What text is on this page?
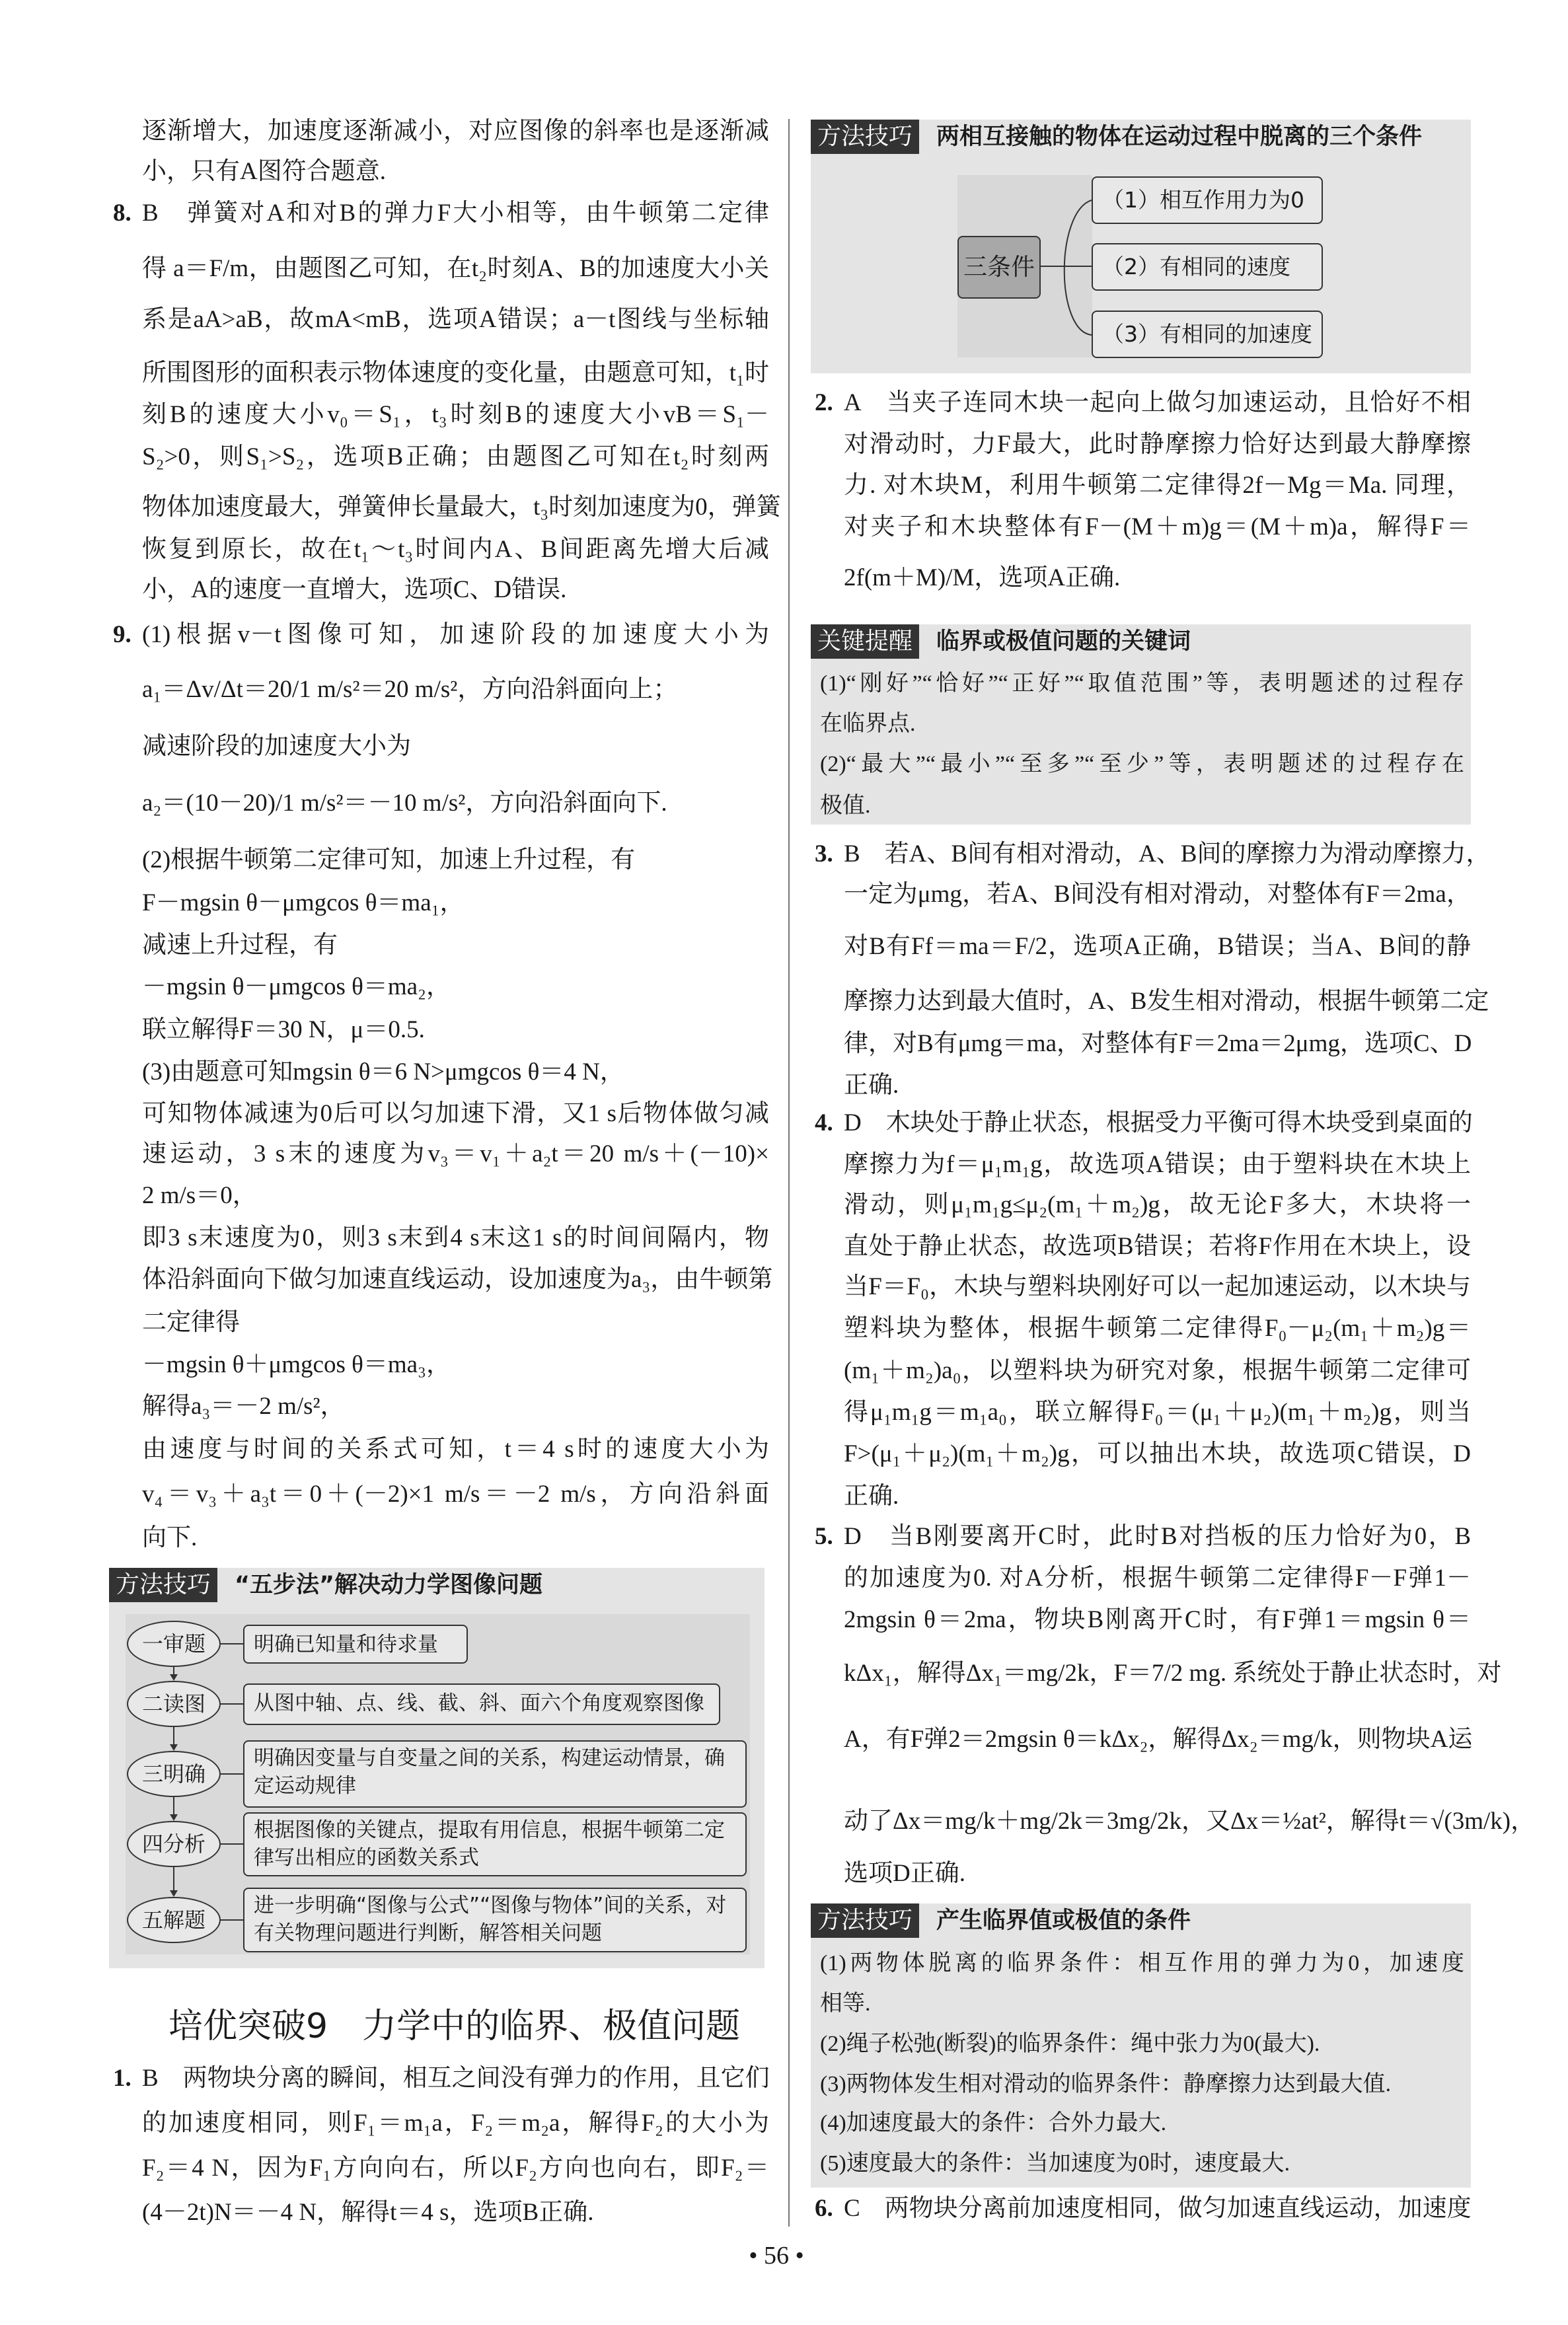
逐渐增大，加速度逐渐减小，对应图像的斜率也是逐渐减
小，只有A图符合题意.
8. B　弹簧对A和对B的弹力F大小相等，由牛顿第二定律
得 a＝F/m，由题图乙可知，在t₂时刻A、B的加速度大小关
系是aA>aB，故mA<mB，选项A错误；a－t图线与坐标轴
所围图形的面积表示物体速度的变化量，由题意可知，t₁时
刻B的速度大小v₀＝S₁，t₃时刻B的速度大小vB＝S₁－
S₂>0，则S₁>S₂，选项B正确；由题图乙可知在t₂时刻两
物体加速度最大，弹簧伸长量最大，t₃时刻加速度为0，弹簧
恢复到原长，故在t₁～t₃时间内A、B间距离先增大后减
小，A的速度一直增大，选项C、D错误.
9. (1)根据v－t图像可知，加速阶段的加速度大小为
a₁＝Δv/Δt＝20/1 m/s²＝20 m/s²，方向沿斜面向上；
减速阶段的加速度大小为
a₂＝(10－20)/1 m/s²＝－10 m/s²，方向沿斜面向下.
(2)根据牛顿第二定律可知，加速上升过程，有
F－mgsin θ－μmgcos θ＝ma₁，
减速上升过程，有
－mgsin θ－μmgcos θ＝ma₂，
联立解得F＝30 N，μ＝0.5.
(3)由题意可知mgsin θ＝6 N>μmgcos θ＝4 N，
可知物体减速为0后可以匀加速下滑，又1 s后物体做匀减
速运动，3 s末的速度为v₃＝v₁＋a₂t＝20 m/s＋(－10)×
2 m/s＝0，
即3 s末速度为0，则3 s末到4 s末这1 s的时间间隔内，物
体沿斜面向下做匀加速直线运动，设加速度为a₃，由牛顿第
二定律得
－mgsin θ＋μmgcos θ＝ma₃，
解得a₃＝－2 m/s²，
由速度与时间的关系式可知，t＝4 s时的速度大小为
v₄＝v₃＋a₃t＝0＋(－2)×1 m/s＝－2 m/s，方向沿斜面
向下.
1. B　两物块分离的瞬间，相互之间没有弹力的作用，且它们
的加速度相同，则F₁＝m₁a，F₂＝m₂a，解得F₂的大小为
F₂＝4 N，因为F₁方向向右，所以F₂方向也向右，即F₂＝
(4－2t)N＝－4 N，解得t＝4 s，选项B正确.
2. A　当夹子连同木块一起向上做匀加速运动，且恰好不相
对滑动时，力F最大，此时静摩擦力恰好达到最大静摩擦
力. 对木块M，利用牛顿第二定律得2f－Mg＝Ma. 同理，
对夹子和木块整体有F－(M＋m)g＝(M＋m)a，解得F＝
2f(m＋M)/M，选项A正确.
3. B　若A、B间有相对滑动，A、B间的摩擦力为滑动摩擦力，
一定为μmg，若A、B间没有相对滑动，对整体有F＝2ma，
对B有Ff＝ma＝F/2，选项A正确，B错误；当A、B间的静
摩擦力达到最大值时，A、B发生相对滑动，根据牛顿第二定
律，对B有μmg＝ma，对整体有F＝2ma＝2μmg，选项C、D
正确.
4. D　木块处于静止状态，根据受力平衡可得木块受到桌面的
摩擦力为f＝μ₁m₁g，故选项A错误；由于塑料块在木块上
滑动，则μ₁m₁g≤μ₂(m₁＋m₂)g，故无论F多大，木块将一
直处于静止状态，故选项B错误；若将F作用在木块上，设
当F＝F₀，木块与塑料块刚好可以一起加速运动，以木块与
塑料块为整体，根据牛顿第二定律得F₀－μ₂(m₁＋m₂)g＝
(m₁＋m₂)a₀，以塑料块为研究对象，根据牛顿第二定律可
得μ₁m₁g＝m₁a₀，联立解得F₀＝(μ₁＋μ₂)(m₁＋m₂)g，则当
F>(μ₁＋μ₂)(m₁＋m₂)g，可以抽出木块，故选项C错误，D
正确.
5. D　当B刚要离开C时，此时B对挡板的压力恰好为0，B
的加速度为0. 对A分析，根据牛顿第二定律得F－F弹1－
2mgsin θ＝2ma，物块B刚离开C时，有F弹1＝mgsin θ＝
kΔx₁，解得Δx₁＝mg/2k，F＝7/2 mg. 系统处于静止状态时，对
A，有F弹2＝2mgsin θ＝kΔx₂，解得Δx₂＝mg/k，则物块A运
动了Δx＝mg/k＋mg/2k＝3mg/2k，又Δx＝½at²，解得t＝√(3m/k)，
选项D正确.
6. C　两物块分离前加速度相同，做匀加速直线运动，加速度
方法技巧 两相互接触的物体在运动过程中脱离的三个条件
三条件
（1）相互作用力为0
（2）有相同的速度
（3）有相同的加速度
关键提醒 临界或极值问题的关键词
(1)“刚好”“恰好”“正好”“取值范围”等，表明题述的过程存
在临界点.
(2)“最大”“最小”“至多”“至少”等，表明题述的过程存在
极值.
方法技巧 产生临界值或极值的条件
(1)两物体脱离的临界条件：相互作用的弹力为0，加速度
相等.
(2)绳子松弛(断裂)的临界条件：绳中张力为0(最大).
(3)两物体发生相对滑动的临界条件：静摩擦力达到最大值.
(4)加速度最大的条件：合外力最大.
(5)速度最大的条件：当加速度为0时，速度最大.
方法技巧 “五步法”解决动力学图像问题
一审题	明确已知量和待求量
二读图	从图中轴、点、线、截、斜、面六个角度观察图像
三明确
明确因变量与自变量之间的关系，构建运动情景，确定运动规律
四分析
根据图像的关键点，提取有用信息，根据牛顿第二定律写出相应的函数关系式
五解题
进一步明确“图像与公式”“图像与物体”间的关系，对有关物理问题进行判断，解答相关问题
培优突破9　力学中的临界、极值问题
• 56 •
